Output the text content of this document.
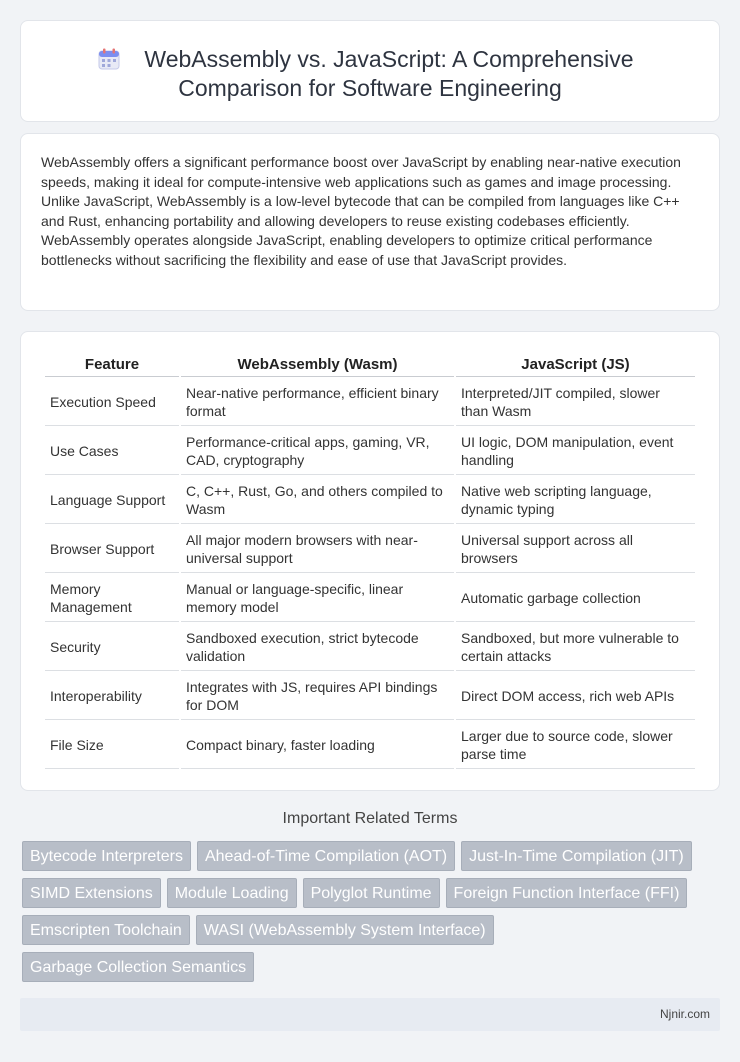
WebAssembly vs. JavaScript: A Comprehensive
Comparison for Software Engineering

WebAssembly offers a significant performance boost over JavaScript by enabling near-native execution speeds, making it ideal for compute-intensive web applications such as games and image processing. Unlike JavaScript, WebAssembly is a low-level bytecode that can be compiled from languages like C++ and Rust, enhancing portability and allowing developers to reuse existing codebases efficiently. WebAssembly operates alongside JavaScript, enabling developers to optimize critical performance bottlenecks without sacrificing the flexibility and ease of use that JavaScript provides.

Feature	WebAssembly (Wasm)	JavaScript (JS)
Execution Speed	Near-native performance, efficient binary format	Interpreted/JIT compiled, slower than Wasm
Use Cases	Performance-critical apps, gaming, VR, CAD, cryptography	UI logic, DOM manipulation, event handling
Language Support	C, C++, Rust, Go, and others compiled to Wasm	Native web scripting language, dynamic typing
Browser Support	All major modern browsers with near-universal support	Universal support across all browsers
Memory Management	Manual or language-specific, linear memory model	Automatic garbage collection
Security	Sandboxed execution, strict bytecode validation	Sandboxed, but more vulnerable to certain attacks
Interoperability	Integrates with JS, requires API bindings for DOM	Direct DOM access, rich web APIs
File Size	Compact binary, faster loading	Larger due to source code, slower parse time
Important Related Terms
Bytecode Interpreters	Ahead-of-Time Compilation (AOT)	Just-In-Time Compilation (JIT)
SIMD Extensions	Module Loading	Polyglot Runtime	Foreign Function Interface (FFI)
Emscripten Toolchain	WASI (WebAssembly System Interface)
Garbage Collection Semantics
Njnir.com
